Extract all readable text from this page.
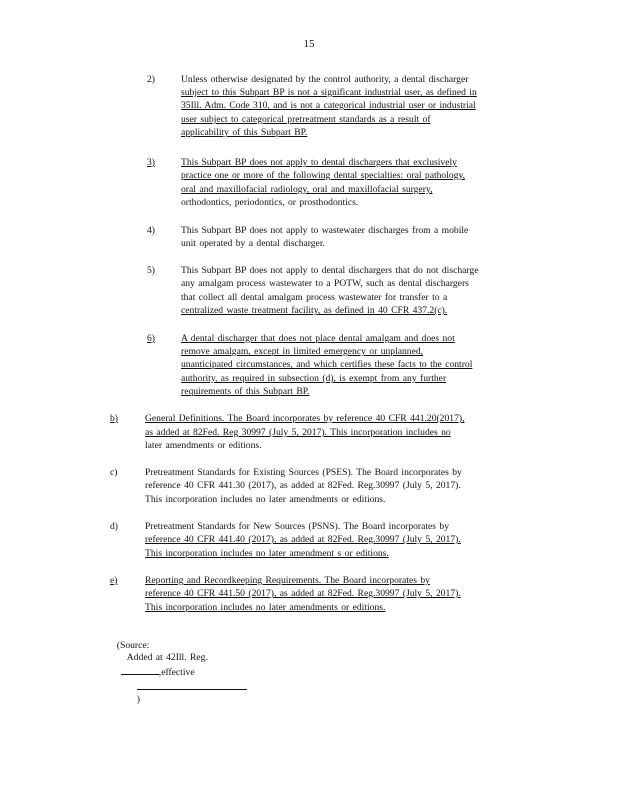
15
2)	Unless otherwise designated by the control authority, a dental discharger
subject to this Subpart BP is not a significant industrial user, as defined in
35Ill. Adm. Code 310, and is not a categorical industrial user or industrial
user subject to categorical pretreatment standards as a result of
applicability of this Subpart BP.
3)	This Subpart BP does not apply to dental dischargers that exclusively
practice one or more of the following dental specialties: oral pathology,
oral and maxillofacial radiology, oral and maxillofacial surgery,
orthodontics, periodontics, or prosthodontics.
4)	This Subpart BP does not apply to wastewater discharges from a mobile
unit operated by a dental discharger.
5)	This Subpart BP does not apply to dental dischargers that do not discharge
any amalgam process wastewater to a POTW, such as dental dischargers
that collect all dental amalgam process wastewater for transfer to a
centralized waste treatment facility, as defined in 40 CFR 437.2(c).
6)	A dental discharger that does not place dental amalgam and does not
remove amalgam, except in limited emergency or unplanned,
unanticipated circumstances, and which certifies these facts to the control
authority, as required in subsection (d), is exempt from any further
requirements of this Subpart BP.
b)	General Definitions. The Board incorporates by reference 40 CFR 441.20(2017),
as added at 82Fed. Reg 30997 (July 5, 2017). This incorporation includes no
later amendments or editions.
c)	Pretreatment Standards for Existing Sources (PSES). The Board incorporates by
reference 40 CFR 441.30 (2017), as added at 82Fed. Reg.30997 (July 5, 2017).
This incorporation includes no later amendments or editions.
d)	Pretreatment Standards for New Sources (PSNS). The Board incorporates by
reference 40 CFR 441.40 (2017), as added at 82Fed. Reg.30997 (July 5, 2017).
This incorporation includes no later amendment s or editions.
e)	Reporting and Recordkeeping Requirements. The Board incorporates by
reference 40 CFR 441.50 (2017), as added at 82Fed. Reg.30997 (July 5, 2017).
This incorporation includes no later amendments or editions.

(Source:
Added at 42Ill. Reg.
,effective

)
